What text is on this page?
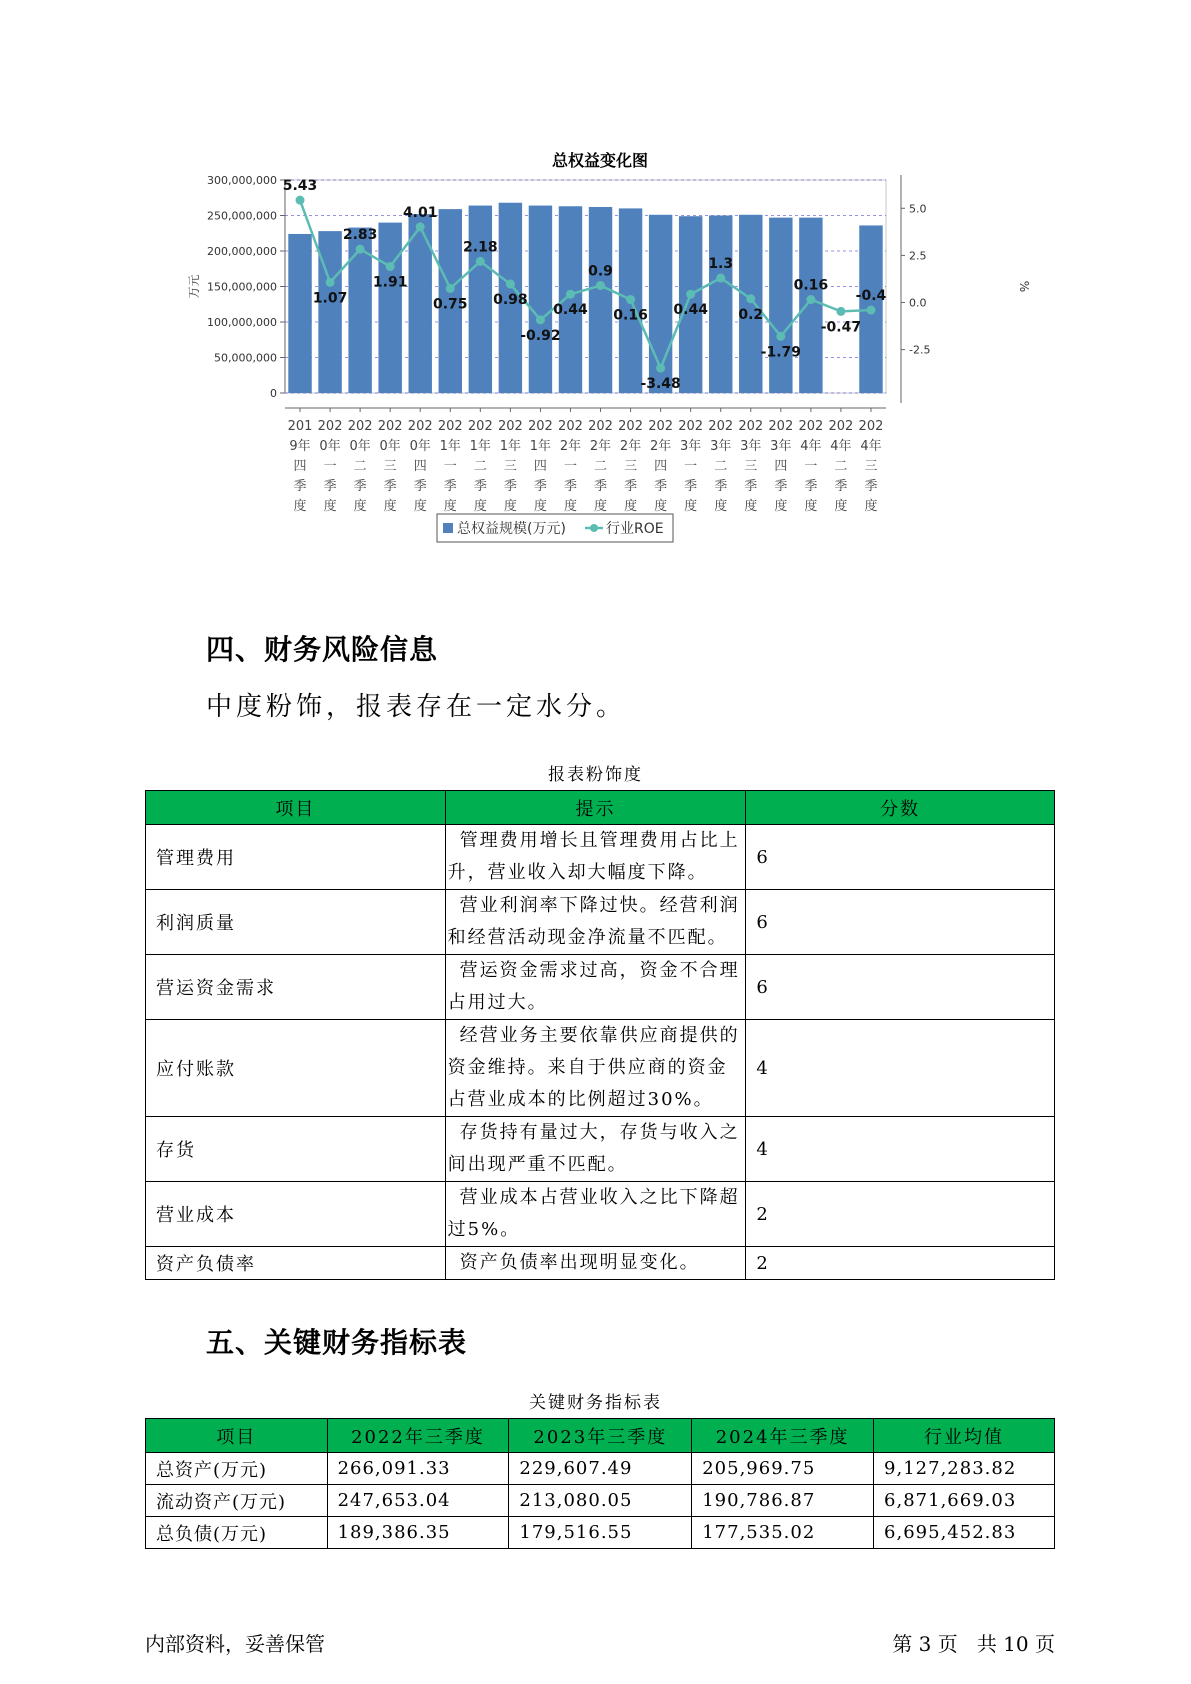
总权益变化图
0
50,000,000
100,000,000
150,000,000
200,000,000
250,000,000
300,000,000
-2.5
0.0
2.5
5.0
万元	%
201
9年
四
季
度
202
0年
一
季
度
202
0年
二
季
度
202
0年
三
季
度
202
0年
四
季
度
202
1年
一
季
度
202
1年
二
季
度
202
1年
三
季
度
202
1年
四
季
度
202
2年
一
季
度
202
2年
二
季
度
202
2年
三
季
度
202
2年
四
季
度
202
3年
一
季
度
202
3年
二
季
度
202
3年
三
季
度
202
3年
四
季
度
202
4年
一
季
度
202
4年
二
季
度
202
4年
三
季
度
5.43
1.07
2.83
1.91
4.01
0.75
2.18
0.98
-0.92
0.44
0.9
0.16
-3.48
0.44
1.3
0.2
-1.79
0.16
-0.47
-0.4
总权益规模(万元)	行业ROE
四、财务风险信息
中度粉饰，报表存在一定水分。
报表粉饰度
项目	提示	分数
管理费用	管理费用增长且管理费用占比上升，营业收入却大幅度下降。	6
利润质量	营业利润率下降过快。经营利润和经营活动现金净流量不匹配。	6
营运资金需求	营运资金需求过高，资金不合理占用过大。	6
应付账款	经营业务主要依靠供应商提供的资金维持。来自于供应商的资金占营业成本的比例超过30%。	4
存货	存货持有量过大，存货与收入之间出现严重不匹配。	4
营业成本	营业成本占营业收入之比下降超过5%。	2
资产负债率	资产负债率出现明显变化。	2
五、关键财务指标表
关键财务指标表
项目	2022年三季度	2023年三季度	2024年三季度	行业均值
总资产(万元)	266,091.33	229,607.49	205,969.75	9,127,283.82
流动资产(万元)	247,653.04	213,080.05	190,786.87	6,871,669.03
总负债(万元)	189,386.35	179,516.55	177,535.02	6,695,452.83
内部资料，妥善保管	第 3 页   共 10 页
